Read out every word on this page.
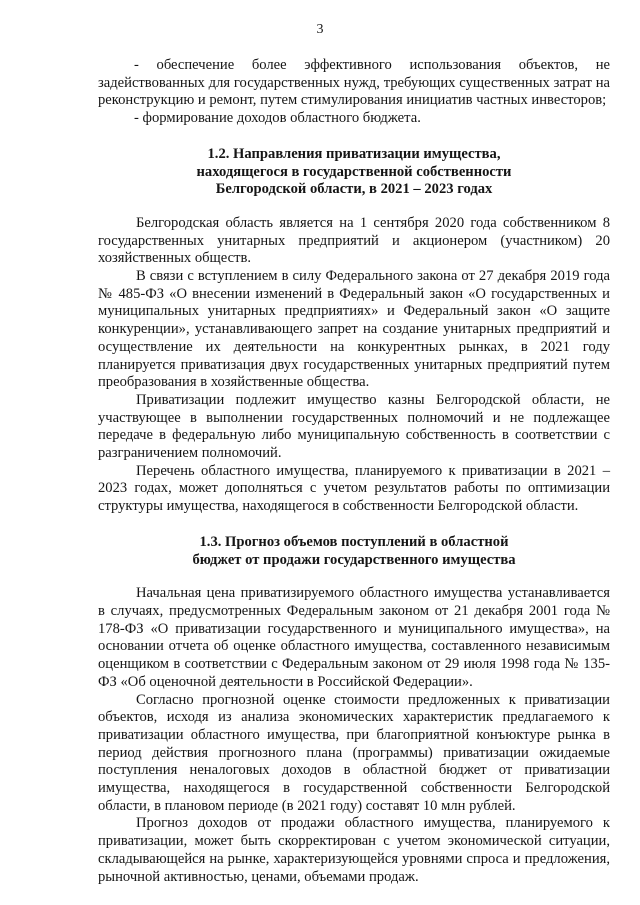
3

- обеспечение более эффективного использования объектов, не задействованных для государственных нужд, требующих существенных затрат на реконструкцию и ремонт, путем стимулирования инициатив частных инвесторов;

- формирование доходов областного бюджета.

1.2. Направления приватизации имущества,
находящегося в государственной собственности
Белгородской области, в 2021 – 2023 годах

Белгородская область является на 1 сентября 2020 года собственником 8 государственных унитарных предприятий и акционером (участником) 20 хозяйственных обществ.

В связи с вступлением в силу Федерального закона от 27 декабря 2019 года № 485-ФЗ «О внесении изменений в Федеральный закон «О государственных и муниципальных унитарных предприятиях» и Федеральный закон «О защите конкуренции», устанавливающего запрет на создание унитарных предприятий и осуществление их деятельности на конкурентных рынках, в 2021 году планируется приватизация двух государственных унитарных предприятий путем преобразования в хозяйственные общества.

Приватизации подлежит имущество казны Белгородской области, не участвующее в выполнении государственных полномочий и не подлежащее передаче в федеральную либо муниципальную собственность в соответствии с разграничением полномочий.

Перечень областного имущества, планируемого к приватизации в 2021 – 2023 годах, может дополняться с учетом результатов работы по оптимизации структуры имущества, находящегося в собственности Белгородской области.

1.3. Прогноз объемов поступлений в областной
бюджет от продажи государственного имущества

Начальная цена приватизируемого областного имущества устанавливается в случаях, предусмотренных Федеральным законом от 21 декабря 2001 года № 178-ФЗ «О приватизации государственного и муниципального имущества», на основании отчета об оценке областного имущества, составленного независимым оценщиком в соответствии с Федеральным законом от 29 июля 1998 года № 135-ФЗ «Об оценочной деятельности в Российской Федерации».

Согласно прогнозной оценке стоимости предложенных к приватизации объектов, исходя из анализа экономических характеристик предлагаемого к приватизации областного имущества, при благоприятной конъюктуре рынка в период действия прогнозного плана (программы) приватизации ожидаемые поступления неналоговых доходов в областной бюджет от приватизации имущества, находящегося в государственной собственности Белгородской области, в плановом периоде (в 2021 году) составят 10 млн рублей.

Прогноз доходов от продажи областного имущества, планируемого к приватизации, может быть скорректирован с учетом экономической ситуации, складывающейся на рынке, характеризующейся уровнями спроса и предложения, рыночной активностью, ценами, объемами продаж.
